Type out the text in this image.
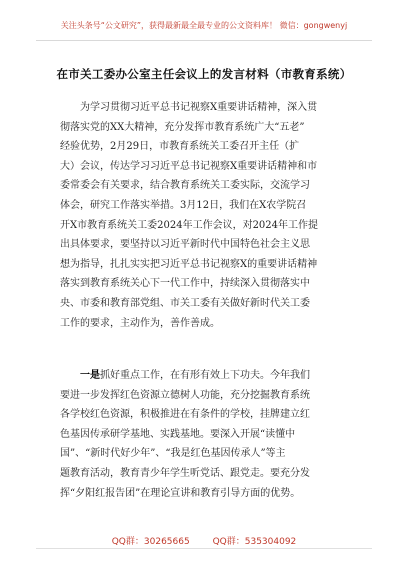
关注头条号“公文研究”，获得最新最全最专业的公文资料库！ 微信：gongwenyj
在市关工委办公室主任会议上的发言材料（市教育系统）
　　为学习贯彻习近平总书记视察X重要讲话精神，深入贯
彻落实党的XX大精神，充分发挥市教育系统广大“五老”
经验优势，2月29日，市教育系统关工委召开主任（扩
大）会议，传达学习习近平总书记视察X重要讲话精神和市
委常委会有关要求，结合教育系统关工委实际，交流学习
体会，研究工作落实举措。3月12日，我们在X农学院召
开X市教育系统关工委2024年工作会议，对2024年工作提
出具体要求，要坚持以习近平新时代中国特色社会主义思
想为指导，扎扎实实把习近平总书记视察X的重要讲话精神
落实到教育系统关心下一代工作中，持续深入贯彻落实中
央、市委和教育部党组、市关工委有关做好新时代关工委
工作的要求，主动作为，善作善成。
　　一是抓好重点工作，在有形有效上下功夫。今年我们
要进一步发挥红色资源立德树人功能，充分挖掘教育系统
各学校红色资源，积极推进在有条件的学校，挂牌建立红
色基因传承研学基地、实践基地。要深入开展“读懂中
国”、“新时代好少年”、“我是红色基因传承人”等主
题教育活动，教育青少年学生听党话、跟党走。要充分发
挥“夕阳红报告团”在理论宣讲和教育引导方面的优势。
QQ群：30265665	QQ群：535304092
